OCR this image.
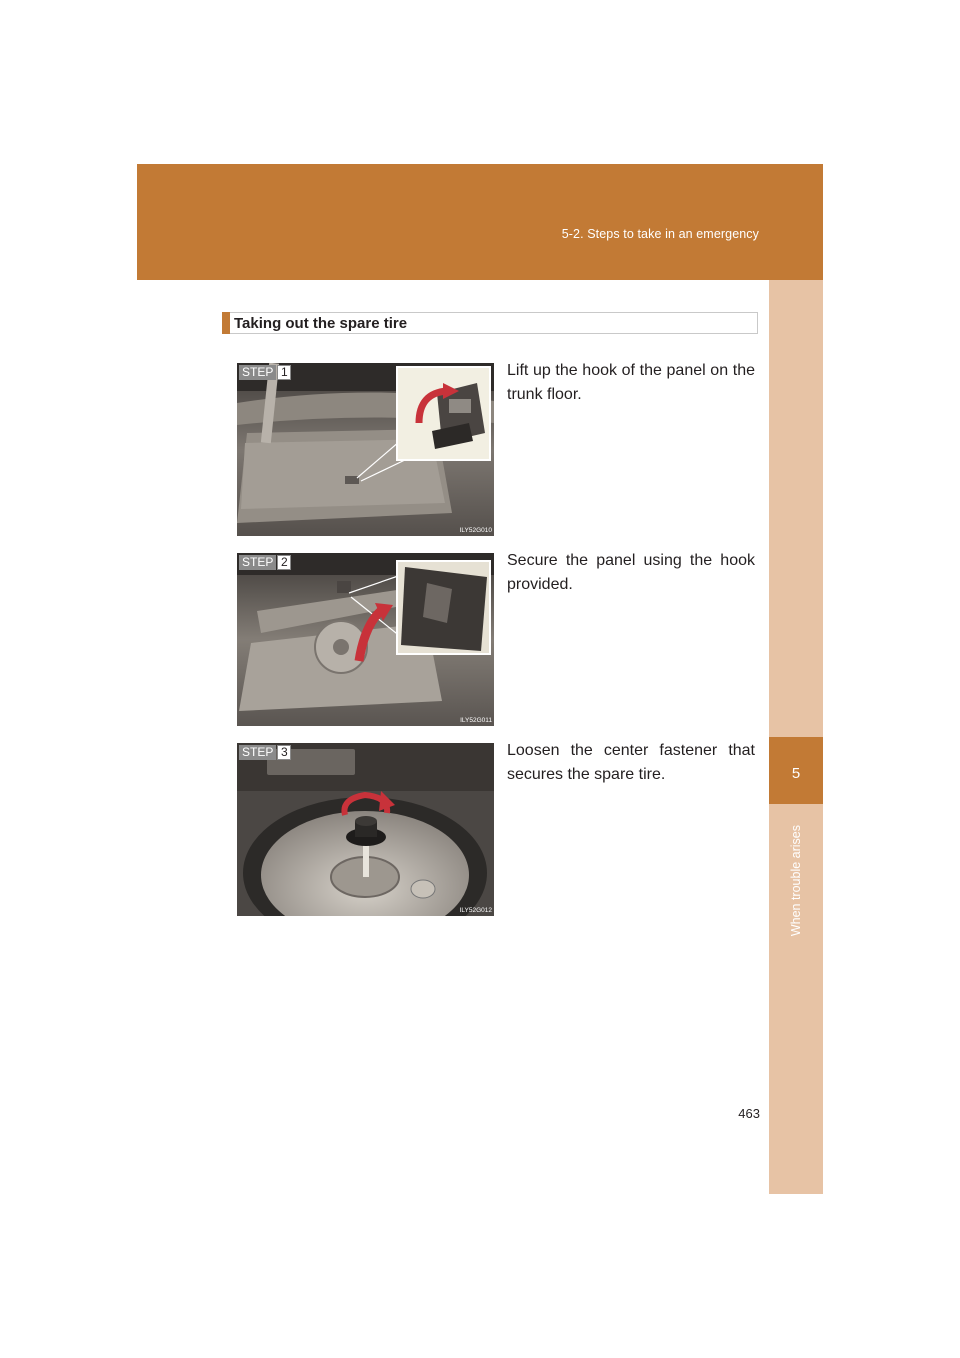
5-2. Steps to take in an emergency
5
When trouble arises
Taking out the spare tire
STEP 1
ILY52G010
Lift up the hook of the panel on the trunk floor.
STEP 2
ILY52G011
Secure the panel using the hook provided.
STEP 3
ILY52G012
Loosen the center fastener that secures the spare tire.
463
